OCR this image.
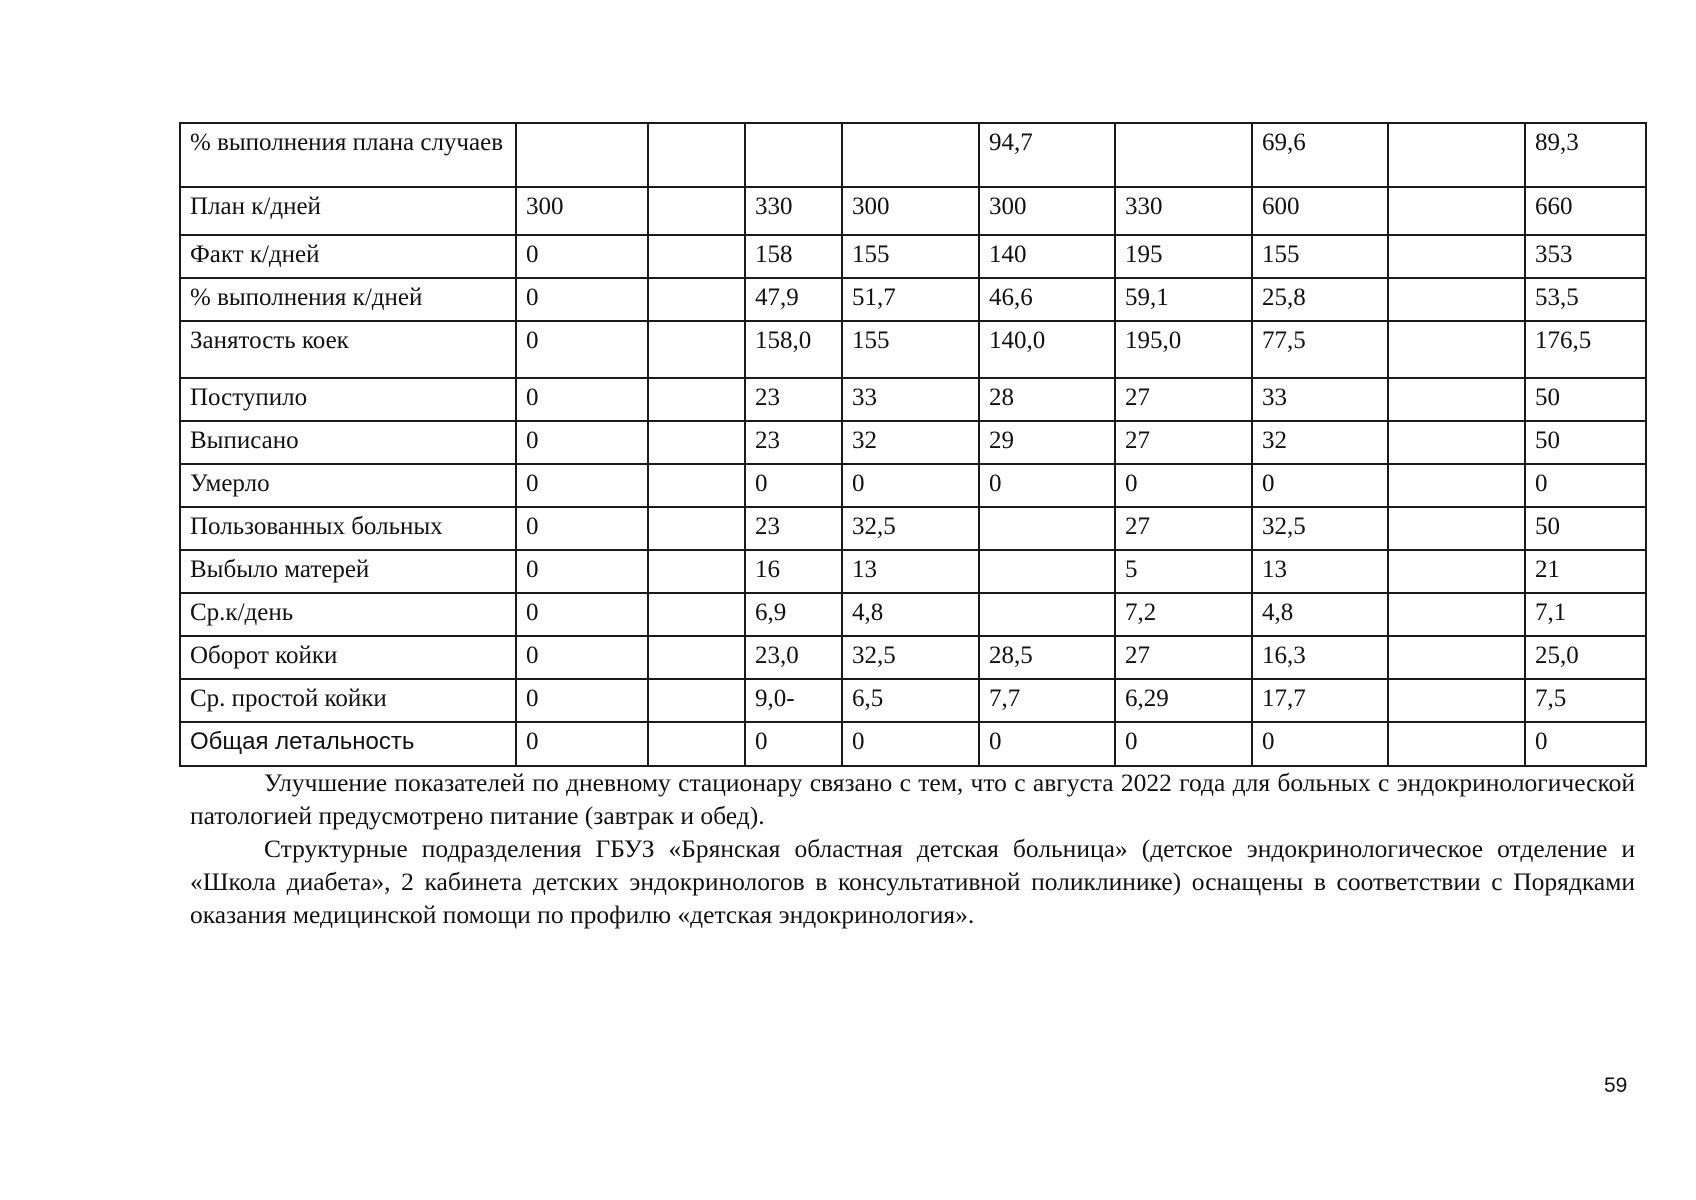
% выполнения плана случаев					94,7		69,6		89,3
План к/дней	300		330	300	300	330	600		660
Факт к/дней	0		158	155	140	195	155		353
% выполнения к/дней	0		47,9	51,7	46,6	59,1	25,8		53,5
Занятость коек	0		158,0	155	140,0	195,0	77,5		176,5
Поступило	0		23	33	28	27	33		50
Выписано	0		23	32	29	27	32		50
Умерло	0		0	0	0	0	0		0
Пользованных больных	0		23	32,5		27	32,5		50
Выбыло матерей	0		16	13		5	13		21
Ср.к/день	0		6,9	4,8		7,2	4,8		7,1
Оборот койки	0		23,0	32,5	28,5	27	16,3		25,0
Ср. простой койки	0		9,0-	6,5	7,7	6,29	17,7		7,5
Общая летальность	0		0	0	0	0	0		0

Улучшение показателей по дневному стационару связано с тем, что с августа 2022 года для больных с эндокринологической патологией предусмотрено питание (завтрак и обед).

Структурные подразделения ГБУЗ «Брянская областная детская больница» (детское эндокринологическое отделение и «Школа диабета», 2 кабинета детских эндокринологов в консультативной поликлинике) оснащены в соответствии с Порядками оказания медицинской помощи по профилю «детская эндокринология».

59
